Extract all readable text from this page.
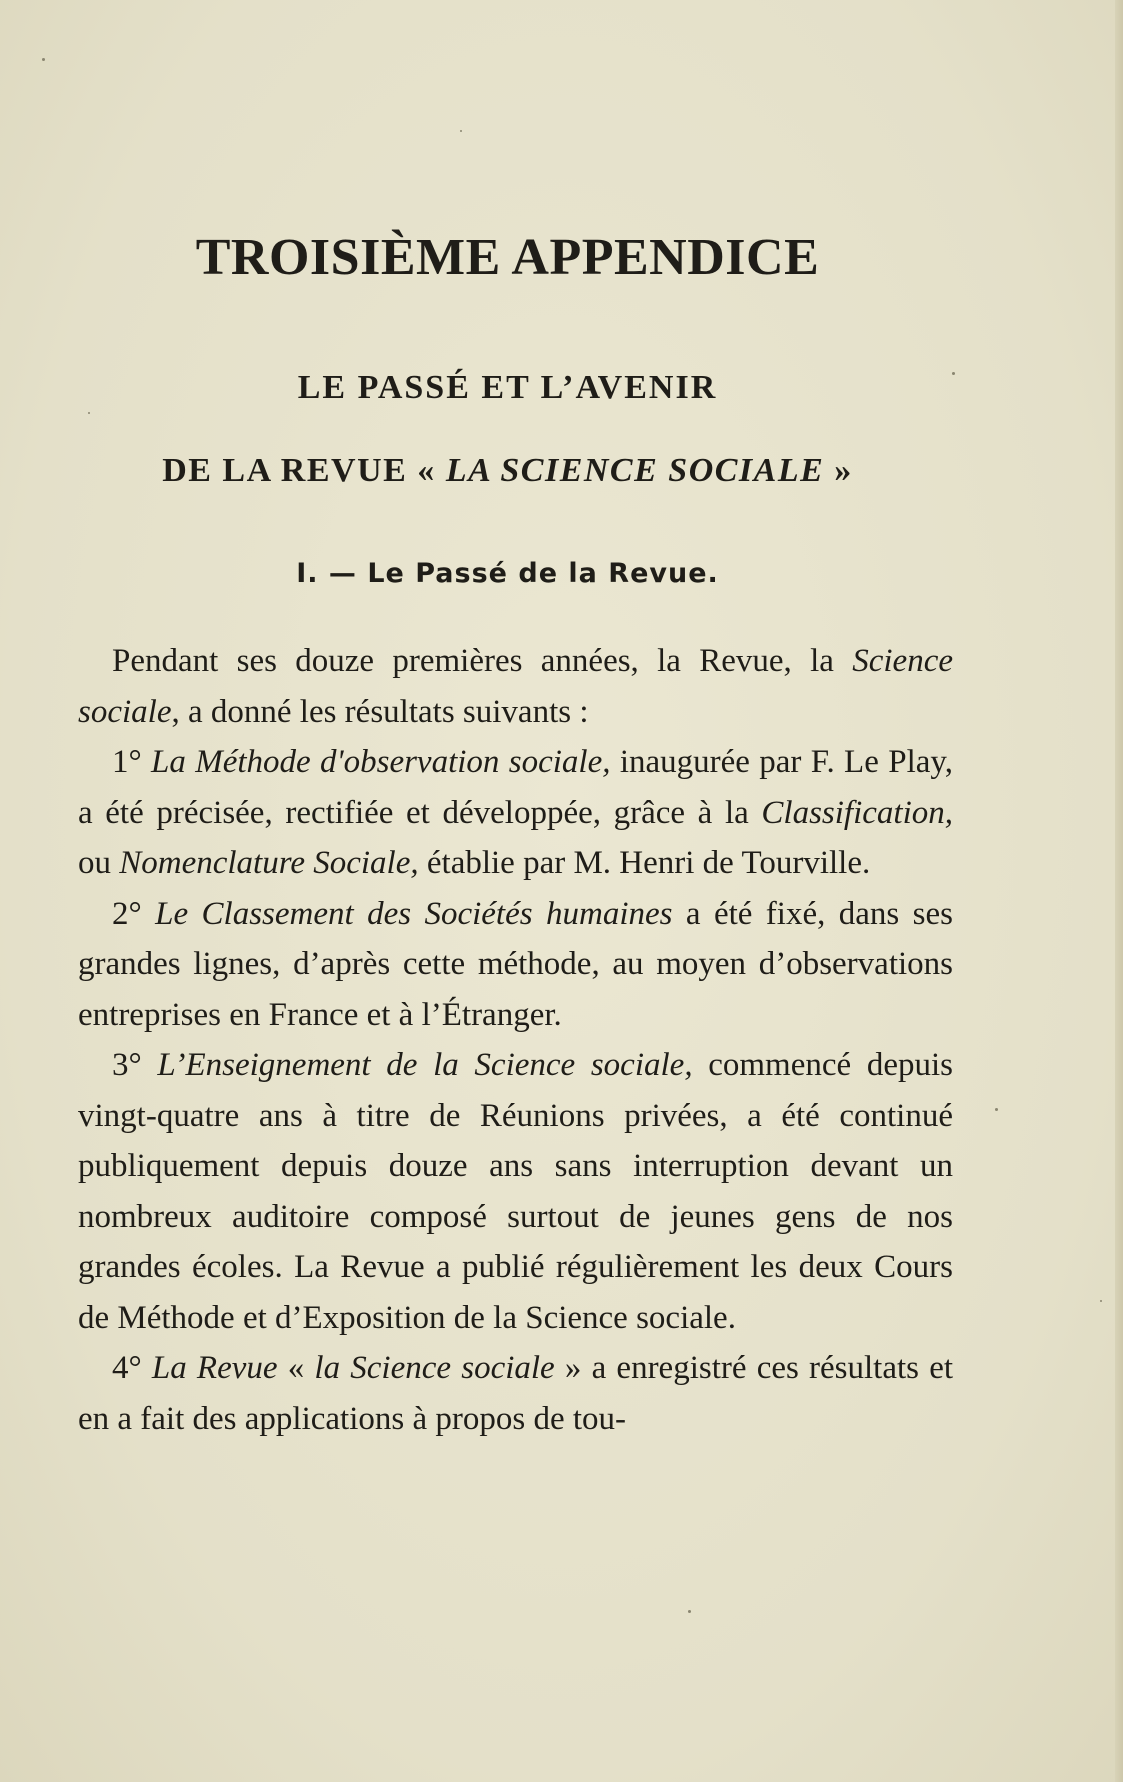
TROISIÈME APPENDICE
LE PASSÉ ET L’AVENIR
DE LA REVUE « LA SCIENCE SOCIALE »
I. — Le Passé de la Revue.

Pendant ses douze premières années, la Revue, la Science sociale, a donné les résultats suivants :

1° La Méthode d'observation sociale, inaugurée par F. Le Play, a été précisée, rectifiée et développée, grâce à la Classification, ou Nomenclature Sociale, établie par M. Henri de Tourville.

2° Le Classement des Sociétés humaines a été fixé, dans ses grandes lignes, d’après cette méthode, au moyen d’observations entreprises en France et à l’Étranger.

3° L’Enseignement de la Science sociale, commencé depuis vingt-quatre ans à titre de Réunions privées, a été continué publiquement depuis douze ans sans interruption devant un nombreux auditoire composé surtout de jeunes gens de nos grandes écoles. La Revue a publié régulièrement les deux Cours de Méthode et d’Exposition de la Science sociale.

4° La Revue « la Science sociale » a enregistré ces résultats et en a fait des applications à propos de tou-
